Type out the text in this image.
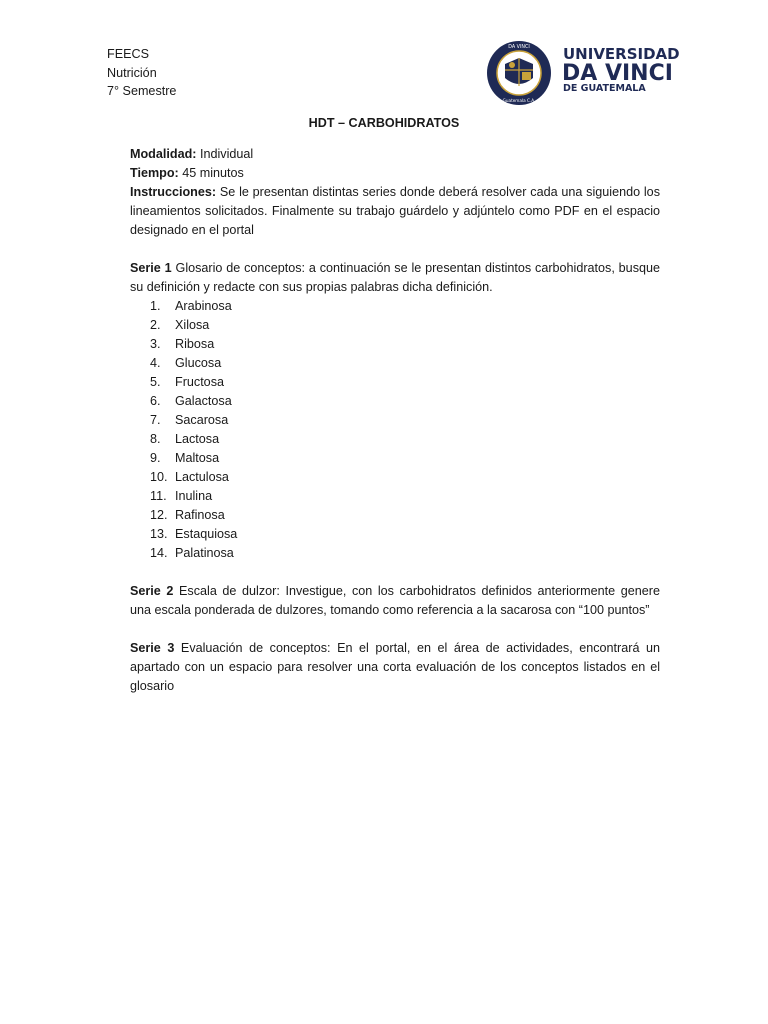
FEECS
Nutrición
7° Semestre
DA VINCI
Guatemala C.A.
UNIVERSIDAD
DA VINCI
DE GUATEMALA
HDT – CARBOHIDRATOS

Modalidad: Individual

Tiempo: 45 minutos

Instrucciones: Se le presentan distintas series donde deberá resolver cada una siguiendo los lineamientos solicitados. Finalmente su trabajo guárdelo y adjúntelo como PDF en el espacio designado en el portal

Serie 1 Glosario de conceptos: a continuación se le presentan distintos carbohidratos, busque su definición y redacte con sus propias palabras dicha definición.

1.	Arabinosa
2.	Xilosa
3.	Ribosa
4.	Glucosa
5.	Fructosa
6.	Galactosa
7.	Sacarosa
8.	Lactosa
9.	Maltosa
10. Lactulosa
11. Inulina
12. Rafinosa
13. Estaquiosa
14. Palatinosa

Serie 2 Escala de dulzor: Investigue, con los carbohidratos definidos anteriormente genere una escala ponderada de dulzores, tomando como referencia a la sacarosa con “100 puntos”

Serie 3 Evaluación de conceptos: En el portal, en el área de actividades, encontrará un apartado con un espacio para resolver una corta evaluación de los conceptos listados en el glosario
